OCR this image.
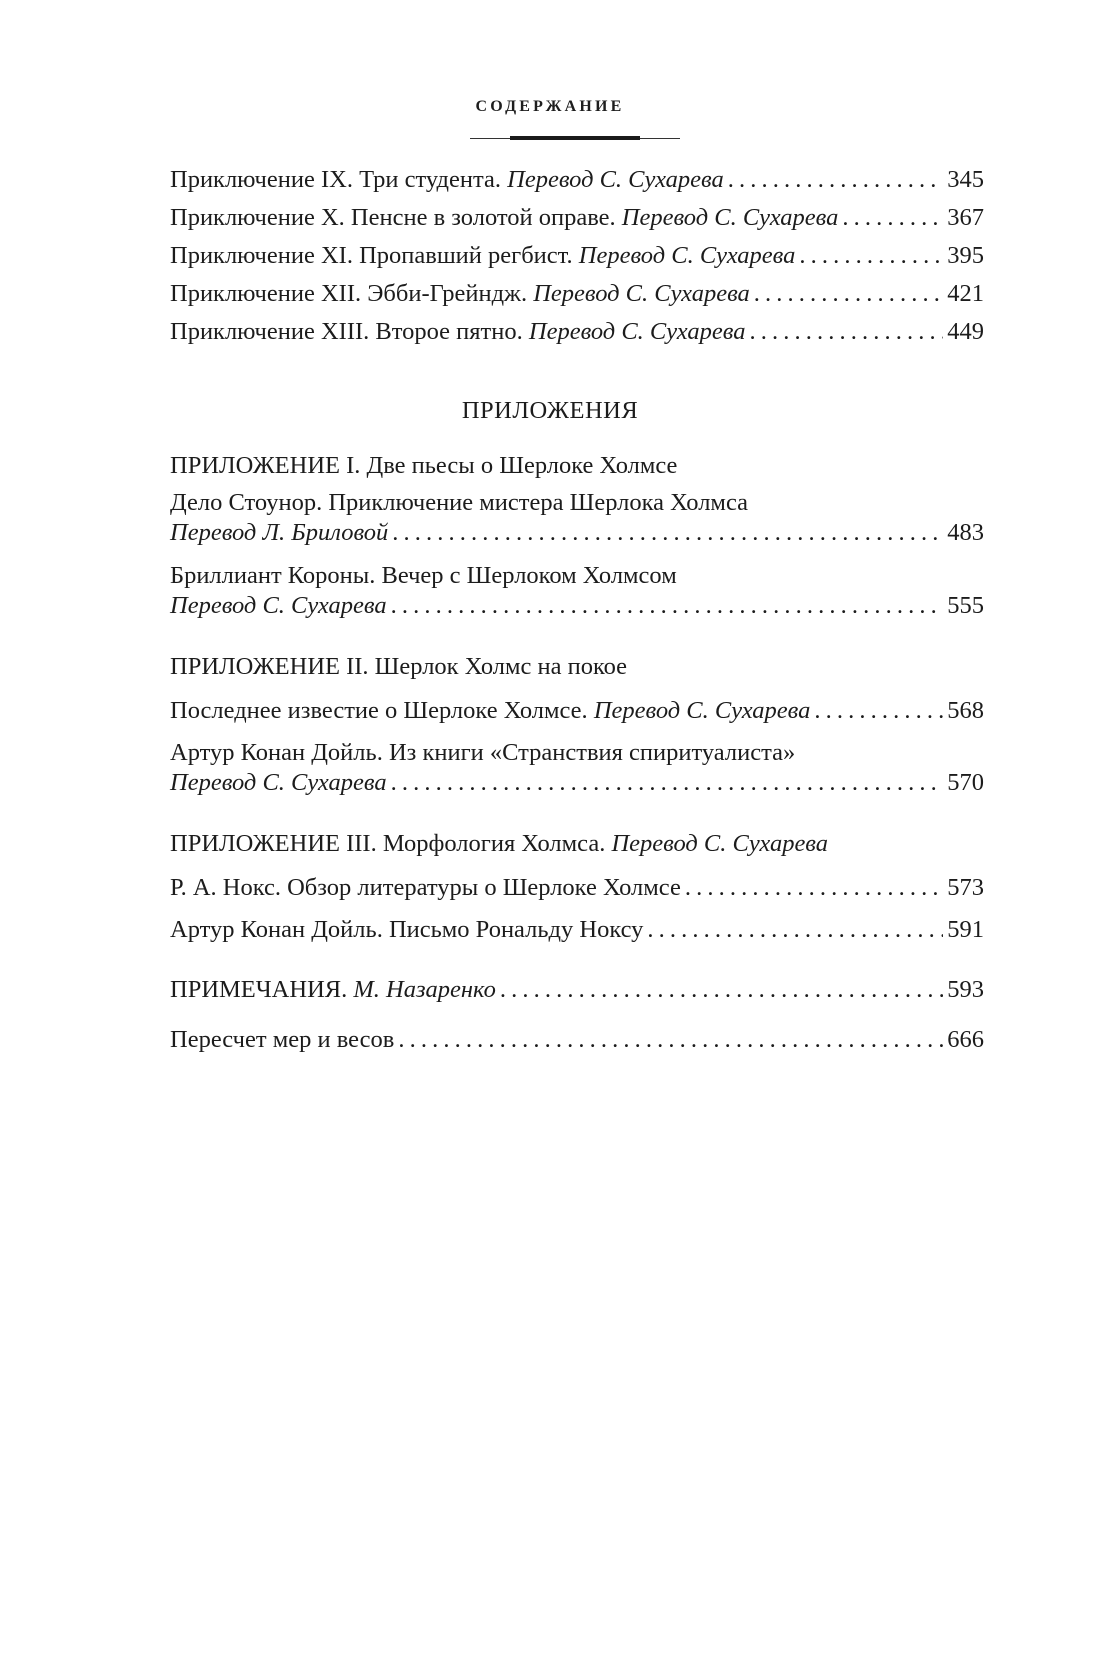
СОДЕРЖАНИЕ
Приключение IX. Три студента.
Перевод С. Сухарева . . .	345
Приключение X. Пенсне в золотой оправе.
Перевод С. Сухарева . . .	367
Приключение XI. Пропавший регбист.
Перевод С. Сухарева . . .	395
Приключение XII. Эбби-Грейндж.
Перевод С. Сухарева . . .	421
Приключение XIII. Второе пятно.
Перевод С. Сухарева . . .	449
ПРИЛОЖЕНИЯ
ПРИЛОЖЕНИЕ I. Две пьесы о Шерлоке Холмсе
Дело Стоунор. Приключение мистера Шерлока Холмса
Перевод Л. Бриловой . . .	483
Бриллиант Короны. Вечер с Шерлоком Холмсом
Перевод С. Сухарева . . .	555
ПРИЛОЖЕНИЕ II. Шерлок Холмс на покое
Последнее известие о Шерлоке Холмсе.
Перевод С. Сухарева . . .	568
Артур Конан Дойль. Из книги «Странствия спиритуалиста»
Перевод С. Сухарева . . .	570
ПРИЛОЖЕНИЕ III. Морфология Холмса. Перевод С. Сухарева
Р. А. Нокс. Обзор литературы о Шерлоке Холмсе . . .	573
Артур Конан Дойль. Письмо Рональду Ноксу . . .	591
ПРИМЕЧАНИЯ.
М. Назаренко . . .	593
Пересчет мер и весов . . .	666
